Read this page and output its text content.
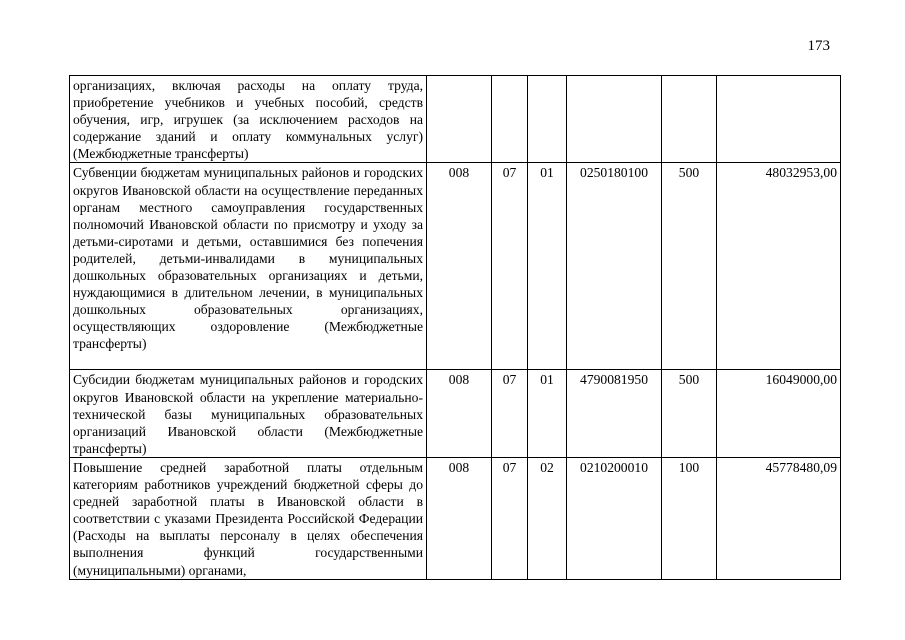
173
организациях, включая расходы на оплату труда, приобретение учебников и учебных пособий, средств обучения, игр, игрушек (за исключением расходов на содержание зданий и оплату коммунальных услуг) (Межбюджетные трансферты)						
Субвенции бюджетам муниципальных районов и городских округов Ивановской области на осуществление переданных органам местного самоуправления государственных полномочий Ивановской области по присмотру и уходу за детьми-сиротами и детьми, оставшимися без попечения родителей, детьми-инвалидами в муниципальных дошкольных образовательных организациях и детьми, нуждающимися в длительном лечении, в муниципальных дошкольных образовательных организациях, осуществляющих оздоровление (Межбюджетные трансферты)	008	07	01	0250180100	500	48032953,00
Субсидии бюджетам муниципальных районов и городских округов Ивановской области на укрепление материально-технической базы муниципальных образовательных организаций Ивановской области (Межбюджетные трансферты)	008	07	01	4790081950	500	16049000,00
Повышение средней заработной платы отдельным категориям работников учреждений бюджетной сферы до средней заработной платы в Ивановской области в соответствии с указами Президента Российской Федерации (Расходы на выплаты персоналу в целях обеспечения выполнения функций государственными (муниципальными) органами,	008	07	02	0210200010	100	45778480,09
